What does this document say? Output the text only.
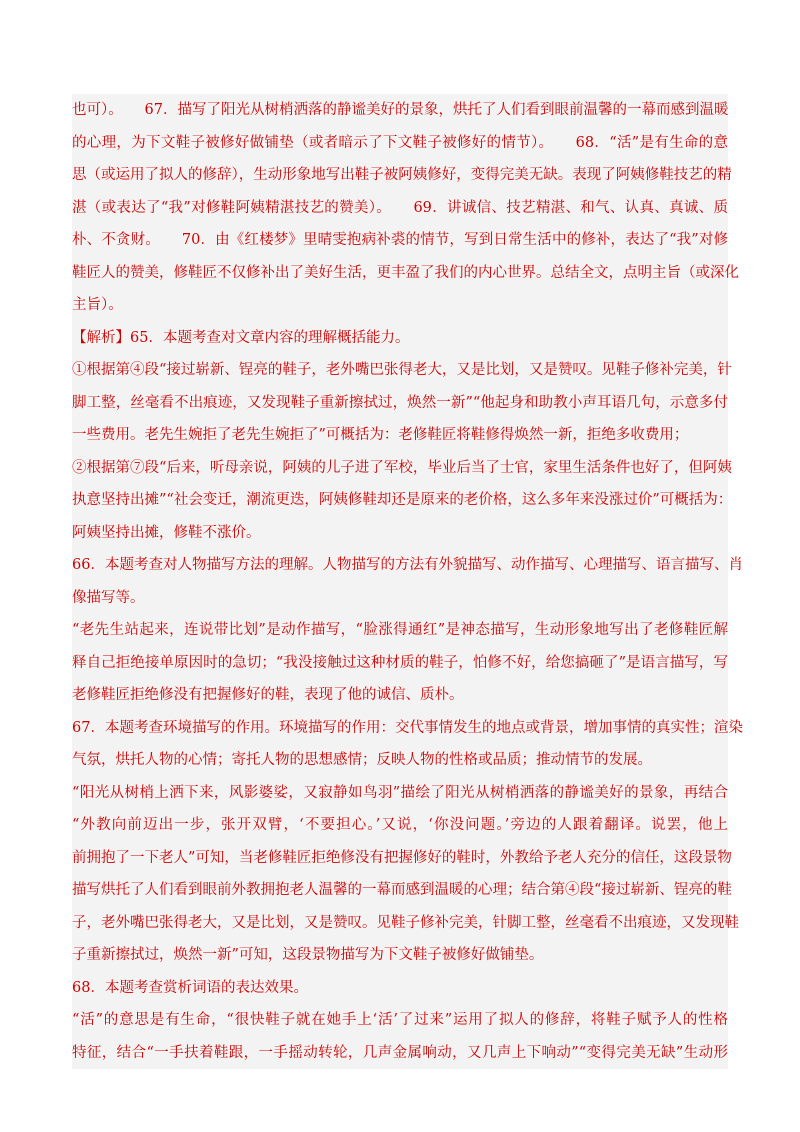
也可）。　　67．描写了阳光从树梢洒落的静谧美好的景象，烘托了人们看到眼前温馨的一幕而感到温暖
的心理，为下文鞋子被修好做铺垫（或者暗示了下文鞋子被修好的情节）。　　68．“活”是有生命的意
思（或运用了拟人的修辞），生动形象地写出鞋子被阿姨修好，变得完美无缺。表现了阿姨修鞋技艺的精
湛（或表达了“我”对修鞋阿姨精湛技艺的赞美）。　　69．讲诚信、技艺精湛、和气、认真、真诚、质
朴、不贪财。　　70．由《红楼梦》里晴雯抱病补裘的情节，写到日常生活中的修补，表达了“我”对修
鞋匠人的赞美，修鞋匠不仅修补出了美好生活，更丰盈了我们的内心世界。总结全文，点明主旨（或深化
主旨）。
【解析】65．本题考查对文章内容的理解概括能力。
①根据第④段“接过崭新、锃亮的鞋子，老外嘴巴张得老大，又是比划，又是赞叹。见鞋子修补完美，针
脚工整，丝毫看不出痕迹，又发现鞋子重新擦拭过，焕然一新”“他起身和助教小声耳语几句，示意多付
一些费用。老先生婉拒了老先生婉拒了”可概括为：老修鞋匠将鞋修得焕然一新，拒绝多收费用；
②根据第⑦段“后来，听母亲说，阿姨的儿子进了军校，毕业后当了士官，家里生活条件也好了，但阿姨
执意坚持出摊”“社会变迁，潮流更迭，阿姨修鞋却还是原来的老价格，这么多年来没涨过价”可概括为：
阿姨坚持出摊，修鞋不涨价。
66．本题考查对人物描写方法的理解。人物描写的方法有外貌描写、动作描写、心理描写、语言描写、肖
像描写等。
“老先生站起来，连说带比划”是动作描写，“脸涨得通红”是神态描写，生动形象地写出了老修鞋匠解
释自己拒绝接单原因时的急切；“我没接触过这种材质的鞋子，怕修不好，给您搞砸了”是语言描写，写
老修鞋匠拒绝修没有把握修好的鞋，表现了他的诚信、质朴。
67．本题考查环境描写的作用。环境描写的作用：交代事情发生的地点或背景，增加事情的真实性；渲染
气氛，烘托人物的心情；寄托人物的思想感情；反映人物的性格或品质；推动情节的发展。
“阳光从树梢上洒下来，风影婆娑，又寂静如鸟羽”描绘了阳光从树梢洒落的静谧美好的景象，再结合
“外教向前迈出一步，张开双臂，‘不要担心。’又说，‘你没问题。’旁边的人跟着翻译。说罢，他上
前拥抱了一下老人”可知，当老修鞋匠拒绝修没有把握修好的鞋时，外教给予老人充分的信任，这段景物
描写烘托了人们看到眼前外教拥抱老人温馨的一幕而感到温暖的心理；结合第④段“接过崭新、锃亮的鞋
子，老外嘴巴张得老大，又是比划，又是赞叹。见鞋子修补完美，针脚工整，丝毫看不出痕迹，又发现鞋
子重新擦拭过，焕然一新”可知，这段景物描写为下文鞋子被修好做铺垫。
68．本题考查赏析词语的表达效果。
“活”的意思是有生命，“很快鞋子就在她手上‘活’了过来”运用了拟人的修辞，将鞋子赋予人的性格
特征，结合“一手扶着鞋跟，一手摇动转轮，几声金属响动，又几声上下响动”“变得完美无缺”生动形
